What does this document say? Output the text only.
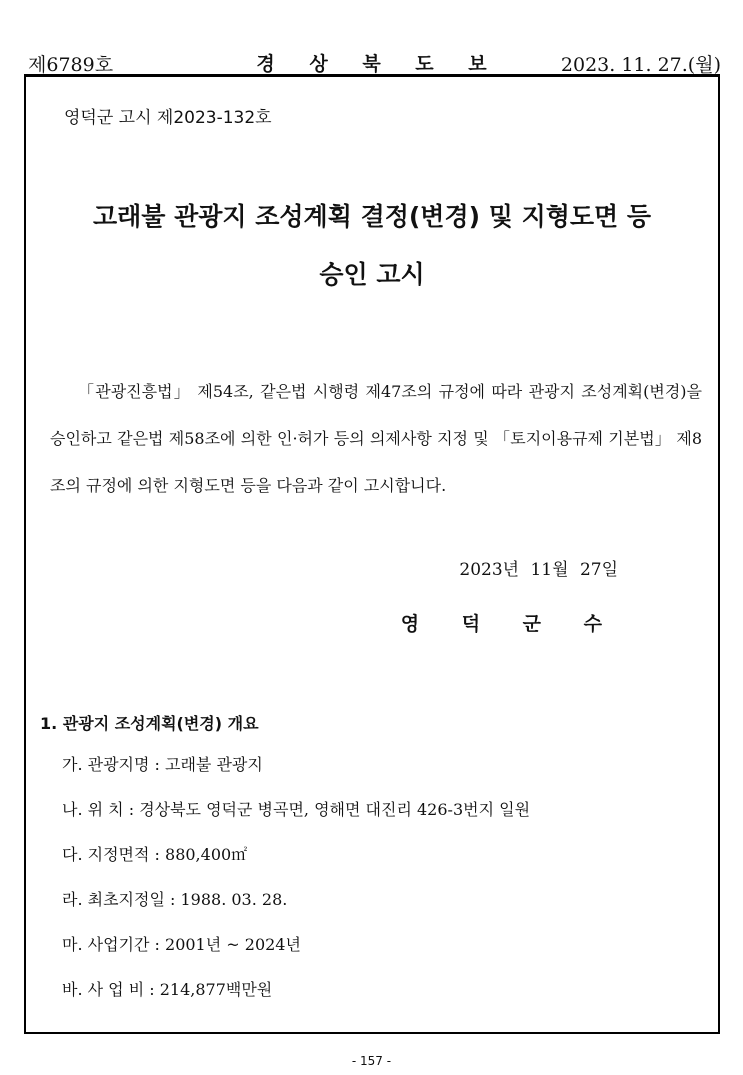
제6789호	경 상 북 도 보	2023. 11. 27.(월)
영덕군 고시 제2023-132호
고래불 관광지 조성계획 결정(변경) 및 지형도면 등
승인 고시
「관광진흥법」 제54조, 같은법 시행령 제47조의 규정에 따라 관광지 조성계획(변경)을 승인하고 같은법 제58조에 의한 인·허가 등의 의제사항 지정 및 「토지이용규제 기본법」 제8조의 규정에 의한 지형도면 등을 다음과 같이 고시합니다.
2023년 11월 27일
영 덕 군 수
1. 관광지 조성계획(변경) 개요
가. 관광지명 : 고래불 관광지
나. 위 치 : 경상북도 영덕군 병곡면, 영해면 대진리 426-3번지 일원
다. 지정면적 : 880,400㎡
라. 최초지정일 : 1988. 03. 28.
마. 사업기간 : 2001년 ~ 2024년
바. 사 업 비 : 214,877백만원
- 157 -
